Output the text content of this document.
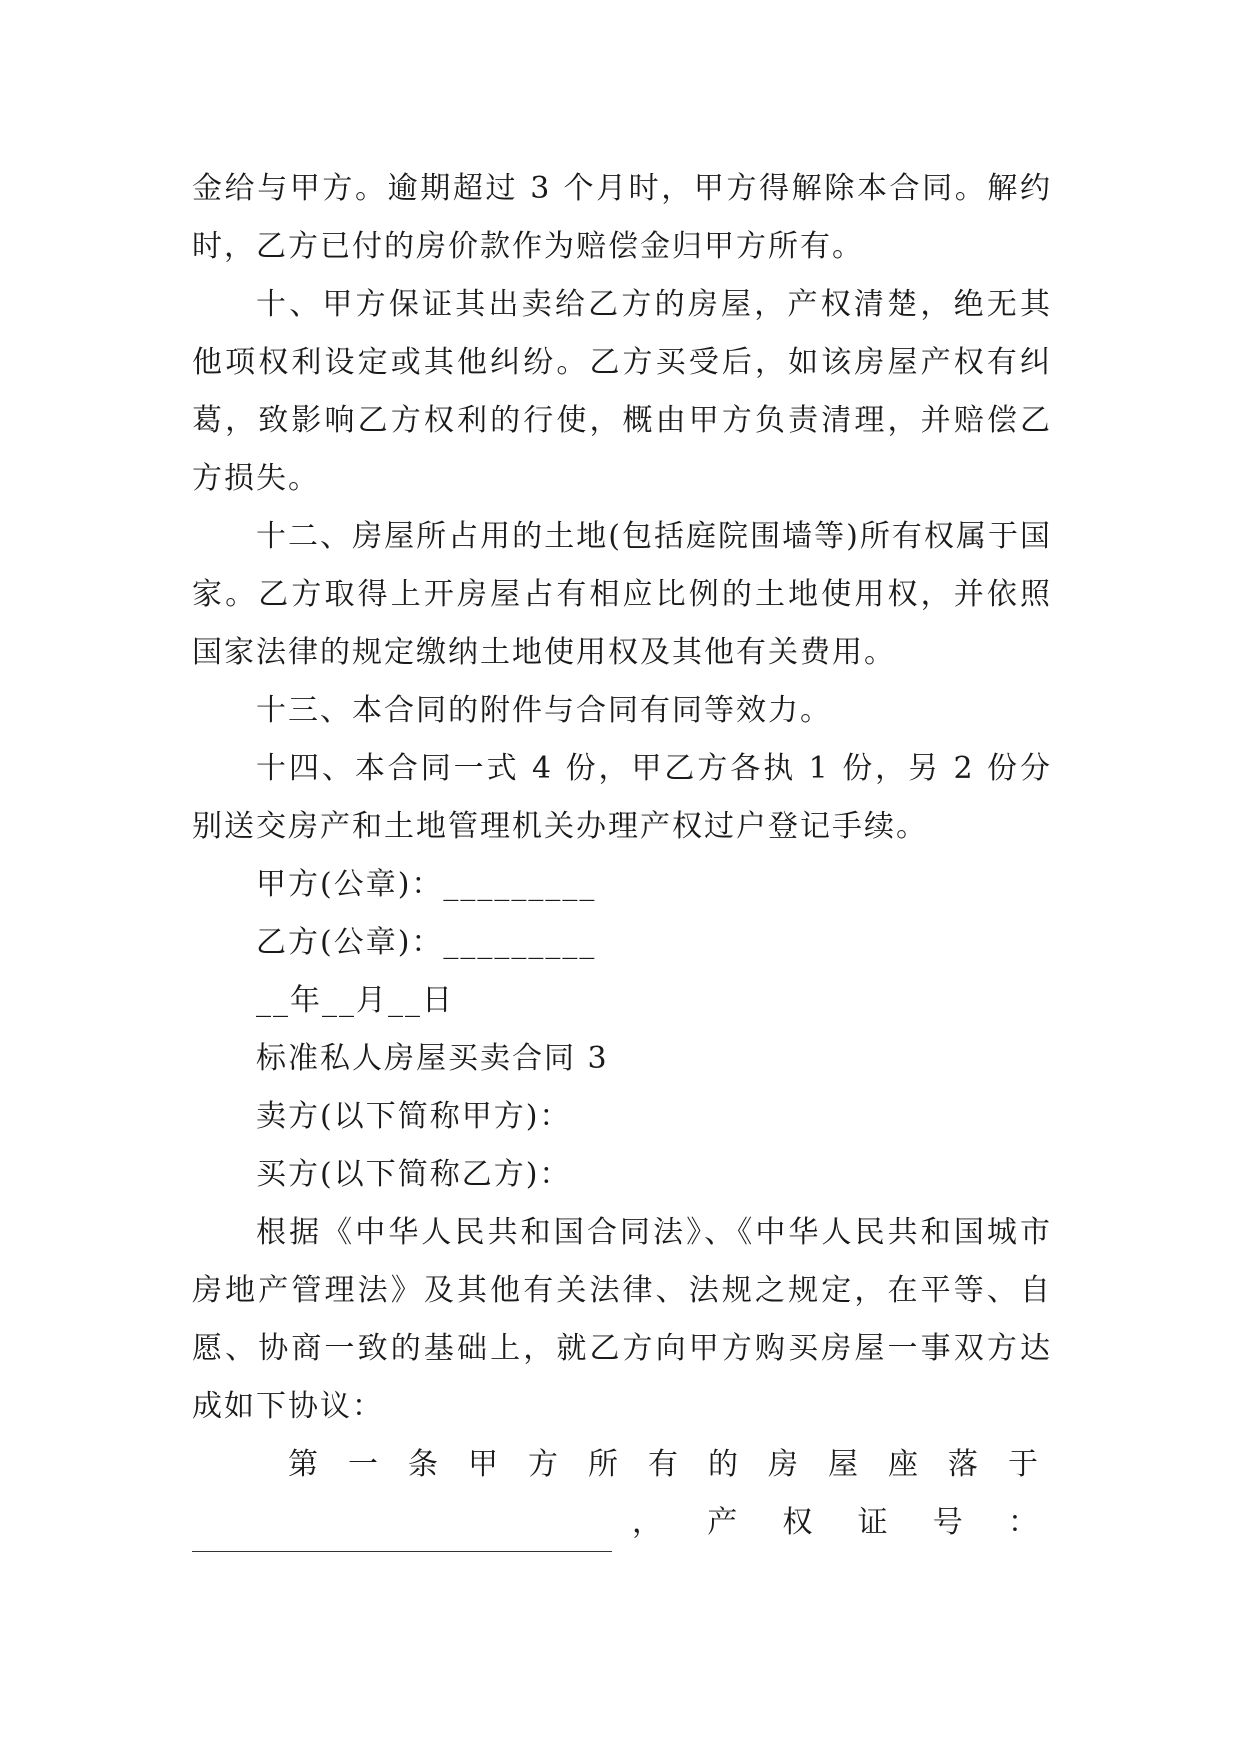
金给与甲方。逾期超过 3 个月时，甲方得解除本合同。解约时，乙方已付的房价款作为赔偿金归甲方所有。

十、甲方保证其出卖给乙方的房屋，产权清楚，绝无其他项权利设定或其他纠纷。乙方买受后，如该房屋产权有纠葛，致影响乙方权利的行使，概由甲方负责清理，并赔偿乙方损失。

十二、房屋所占用的土地(包括庭院围墙等)所有权属于国家。乙方取得上开房屋占有相应比例的土地使用权，并依照国家法律的规定缴纳土地使用权及其他有关费用。

十三、本合同的附件与合同有同等效力。

十四、本合同一式 4 份，甲乙方各执 1 份，另 2 份分别送交房产和土地管理机关办理产权过户登记手续。

甲方(公章)：_________

乙方(公章)：_________

__年__月__日

标准私人房屋买卖合同 3

卖方(以下简称甲方)：

买方(以下简称乙方)：

根据《中华人民共和国合同法》、《中华人民共和国城市房地产管理法》及其他有关法律、法规之规定，在平等、自愿、协商一致的基础上，就乙方向甲方购买房屋一事双方达成如下协议：

第一条甲方所有的房屋座落于

，产权证号：
